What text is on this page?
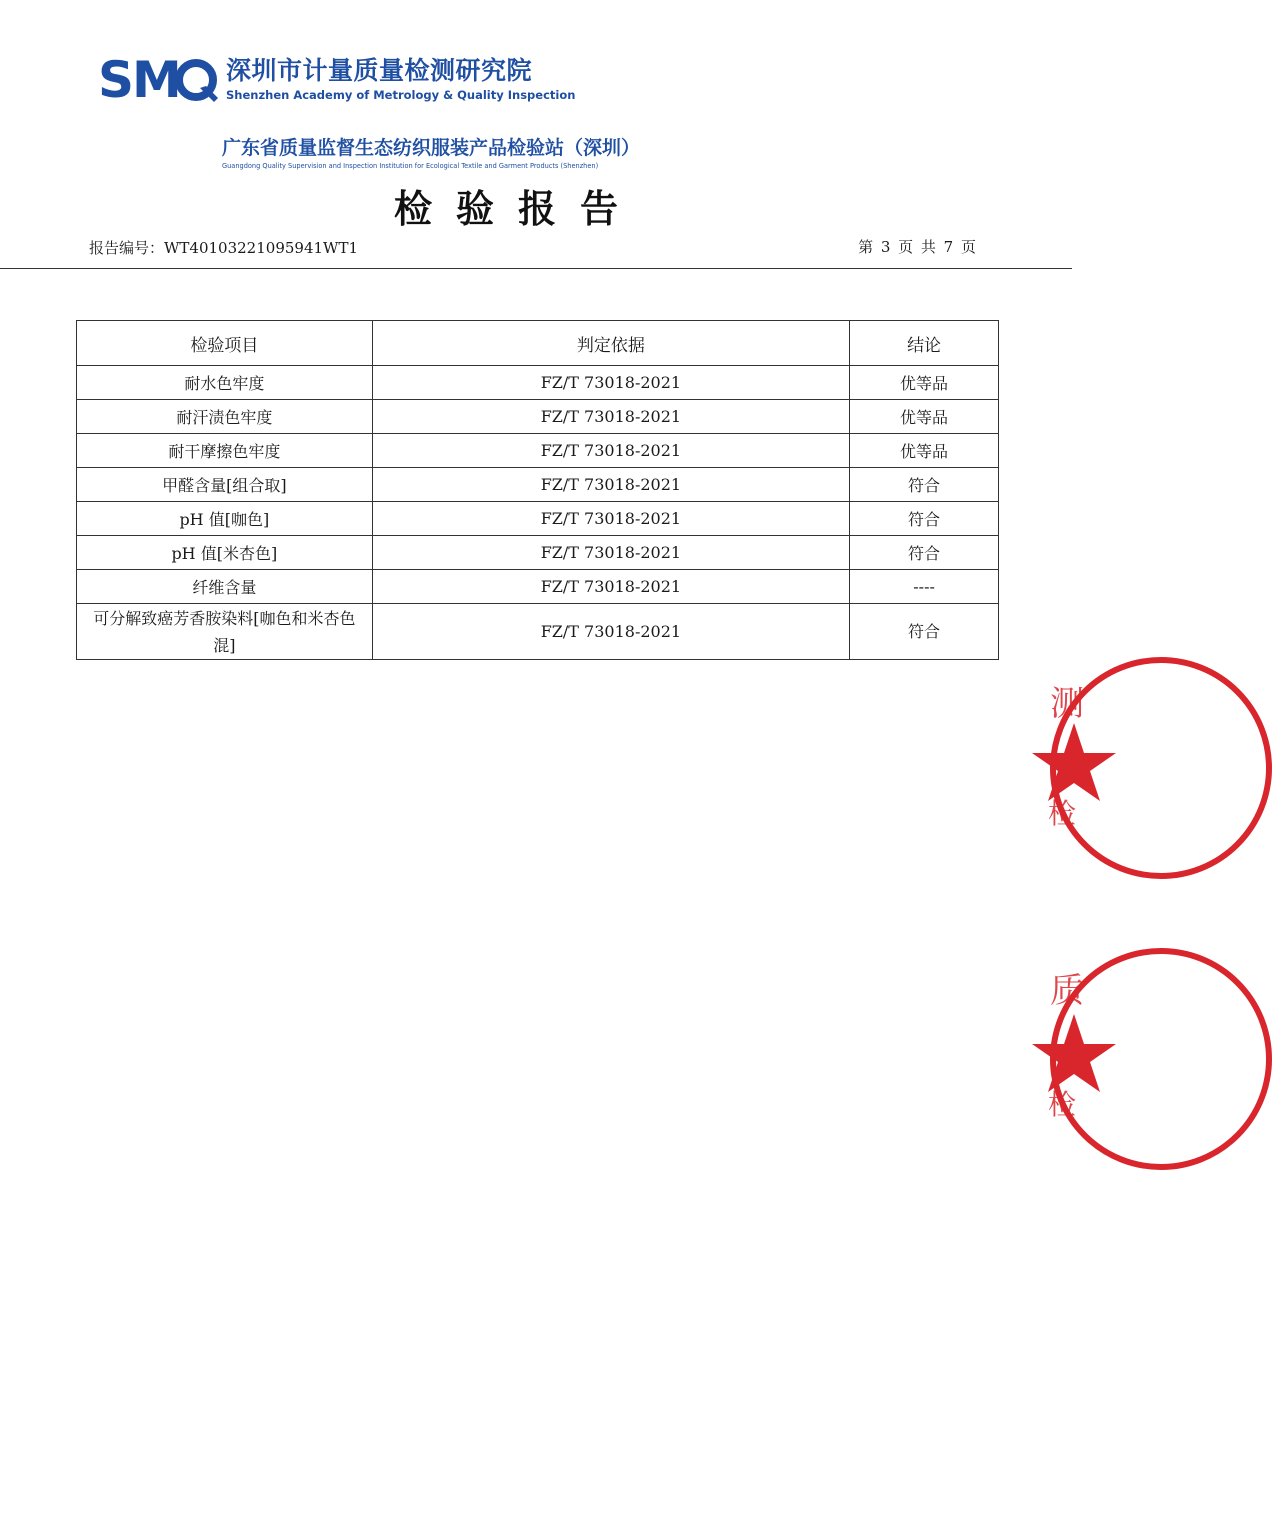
SM 深圳市计量质量检测研究院
Shenzhen Academy of Metrology & Quality Inspection
广东省质量监督生态纺织服装产品检验站（深圳）
Guangdong Quality Supervision and Inspection Institution for Ecological Textile and Garment Products (Shenzhen)
检验报告
报告编号：WT40103221095941WT1	第 3 页 共 7 页
检验项目	判定依据	结论
耐水色牢度	FZ/T 73018-2021	优等品
耐汗渍色牢度	FZ/T 73018-2021	优等品
耐干摩擦色牢度	FZ/T 73018-2021	优等品
甲醛含量[组合取]	FZ/T 73018-2021	符合
pH 值[咖色]	FZ/T 73018-2021	符合
pH 值[米杏色]	FZ/T 73018-2021	符合
纤维含量	FZ/T 73018-2021	----
可分解致癌芳香胺染料[咖色和米杏色混]	FZ/T 73018-2021	符合
测
检
质
检
